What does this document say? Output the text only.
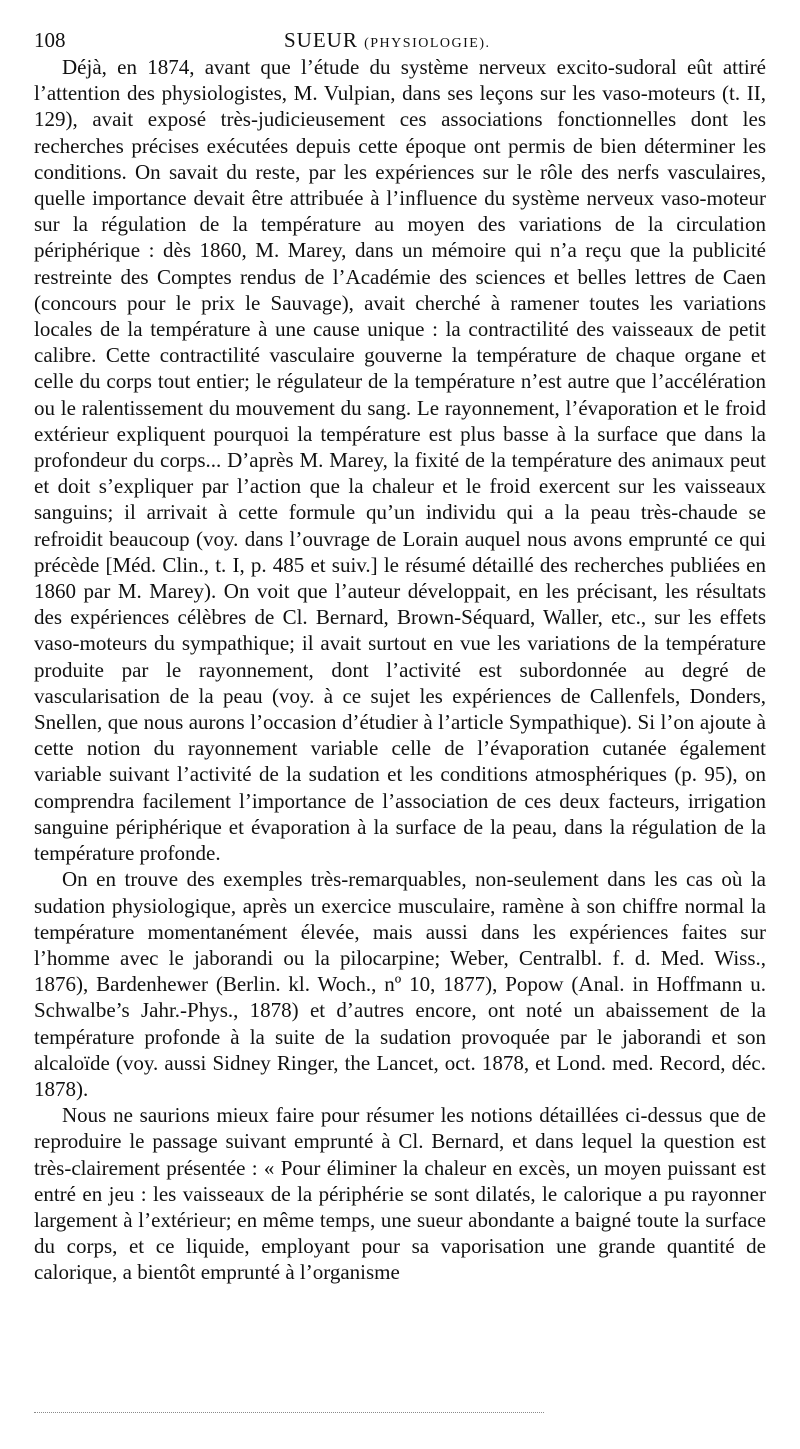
108	SUEUR (PHYSIOLOGIE).

Déjà, en 1874, avant que l’étude du système nerveux excito-sudoral eût attiré l’attention des physiologistes, M. Vulpian, dans ses leçons sur les vaso-moteurs (t. II, 129), avait exposé très-judicieusement ces associations fonctionnelles dont les recherches précises exécutées depuis cette époque ont permis de bien déterminer les conditions. On savait du reste, par les expériences sur le rôle des nerfs vasculaires, quelle importance devait être attribuée à l’influence du système nerveux vaso-moteur sur la régulation de la température au moyen des variations de la circulation périphérique : dès 1860, M. Marey, dans un mémoire qui n’a reçu que la publicité restreinte des Comptes rendus de l’Académie des sciences et belles lettres de Caen (concours pour le prix le Sauvage), avait cherché à ramener toutes les variations locales de la température à une cause unique : la contractilité des vaisseaux de petit calibre. Cette contractilité vasculaire gouverne la température de chaque organe et celle du corps tout entier; le régulateur de la température n’est autre que l’accélération ou le ralentissement du mouvement du sang. Le rayonnement, l’évaporation et le froid extérieur expliquent pourquoi la température est plus basse à la surface que dans la profondeur du corps... D’après M. Marey, la fixité de la température des animaux peut et doit s’expliquer par l’action que la chaleur et le froid exercent sur les vaisseaux sanguins; il arrivait à cette formule qu’un individu qui a la peau très-chaude se refroidit beaucoup (voy. dans l’ouvrage de Lorain auquel nous avons emprunté ce qui précède [Méd. Clin., t. I, p. 485 et suiv.] le résumé détaillé des recherches publiées en 1860 par M. Marey). On voit que l’auteur développait, en les précisant, les résultats des expériences célèbres de Cl. Bernard, Brown-Séquard, Waller, etc., sur les effets vaso-moteurs du sympathique; il avait surtout en vue les variations de la température produite par le rayonnement, dont l’activité est subordonnée au degré de vascularisation de la peau (voy. à ce sujet les expériences de Callenfels, Donders, Snellen, que nous aurons l’occasion d’étudier à l’article Sympathique). Si l’on ajoute à cette notion du rayonnement variable celle de l’évaporation cutanée également variable suivant l’activité de la sudation et les conditions atmosphériques (p. 95), on comprendra facilement l’importance de l’association de ces deux facteurs, irrigation sanguine périphérique et évaporation à la surface de la peau, dans la régulation de la température profonde.

On en trouve des exemples très-remarquables, non-seulement dans les cas où la sudation physiologique, après un exercice musculaire, ramène à son chiffre normal la température momentanément élevée, mais aussi dans les expériences faites sur l’homme avec le jaborandi ou la pilocarpine; Weber, Centralbl. f. d. Med. Wiss., 1876), Bardenhewer (Berlin. kl. Woch., nº 10, 1877), Popow (Anal. in Hoffmann u. Schwalbe’s Jahr.-Phys., 1878) et d’autres encore, ont noté un abaissement de la température profonde à la suite de la sudation provoquée par le jaborandi et son alcaloïde (voy. aussi Sidney Ringer, the Lancet, oct. 1878, et Lond. med. Record, déc. 1878).

Nous ne saurions mieux faire pour résumer les notions détaillées ci-dessus que de reproduire le passage suivant emprunté à Cl. Bernard, et dans lequel la question est très-clairement présentée : « Pour éliminer la chaleur en excès, un moyen puissant est entré en jeu : les vaisseaux de la périphérie se sont dilatés, le calorique a pu rayonner largement à l’extérieur; en même temps, une sueur abondante a baigné toute la surface du corps, et ce liquide, employant pour sa vaporisation une grande quantité de calorique, a bientôt emprunté à l’organisme
